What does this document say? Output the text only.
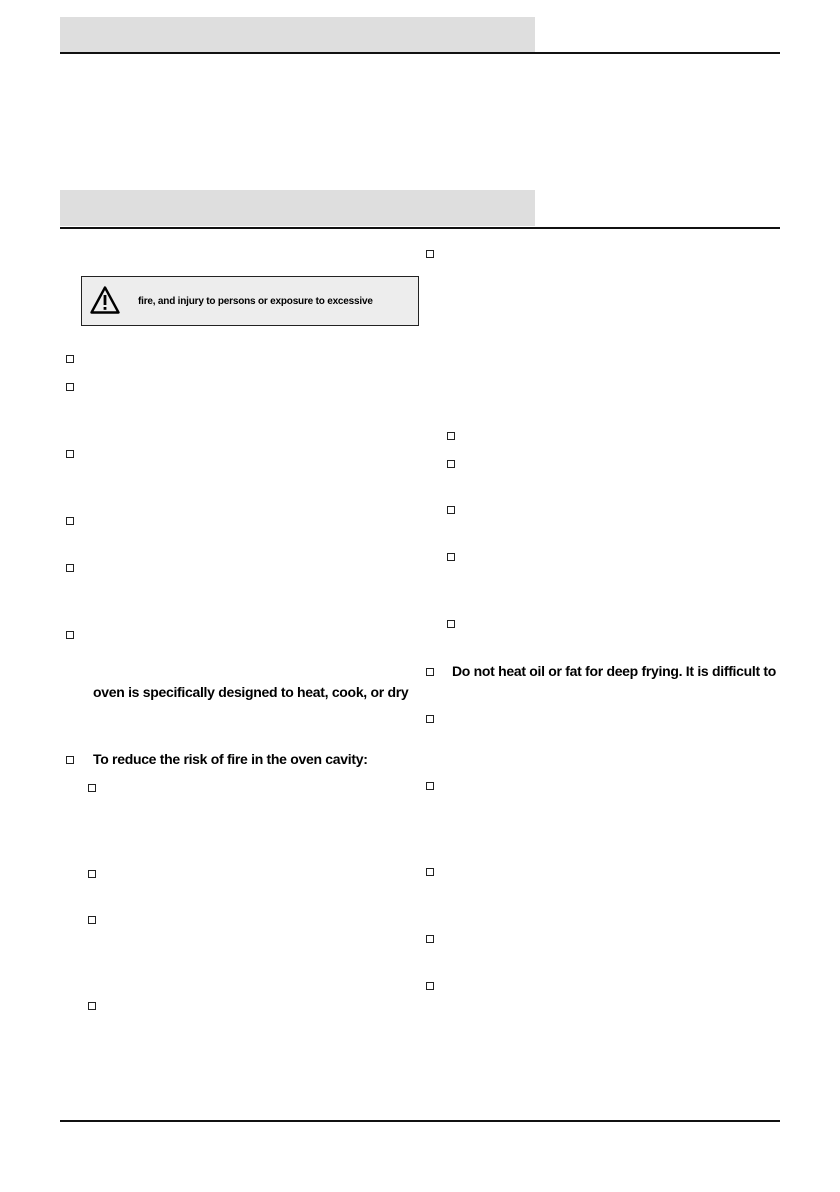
fire, and injury to persons or exposure to excessive
oven is specifically designed to heat, cook, or dry
To reduce the risk of fire in the oven cavity:
Do not heat oil or fat for deep frying. It is difficult to
